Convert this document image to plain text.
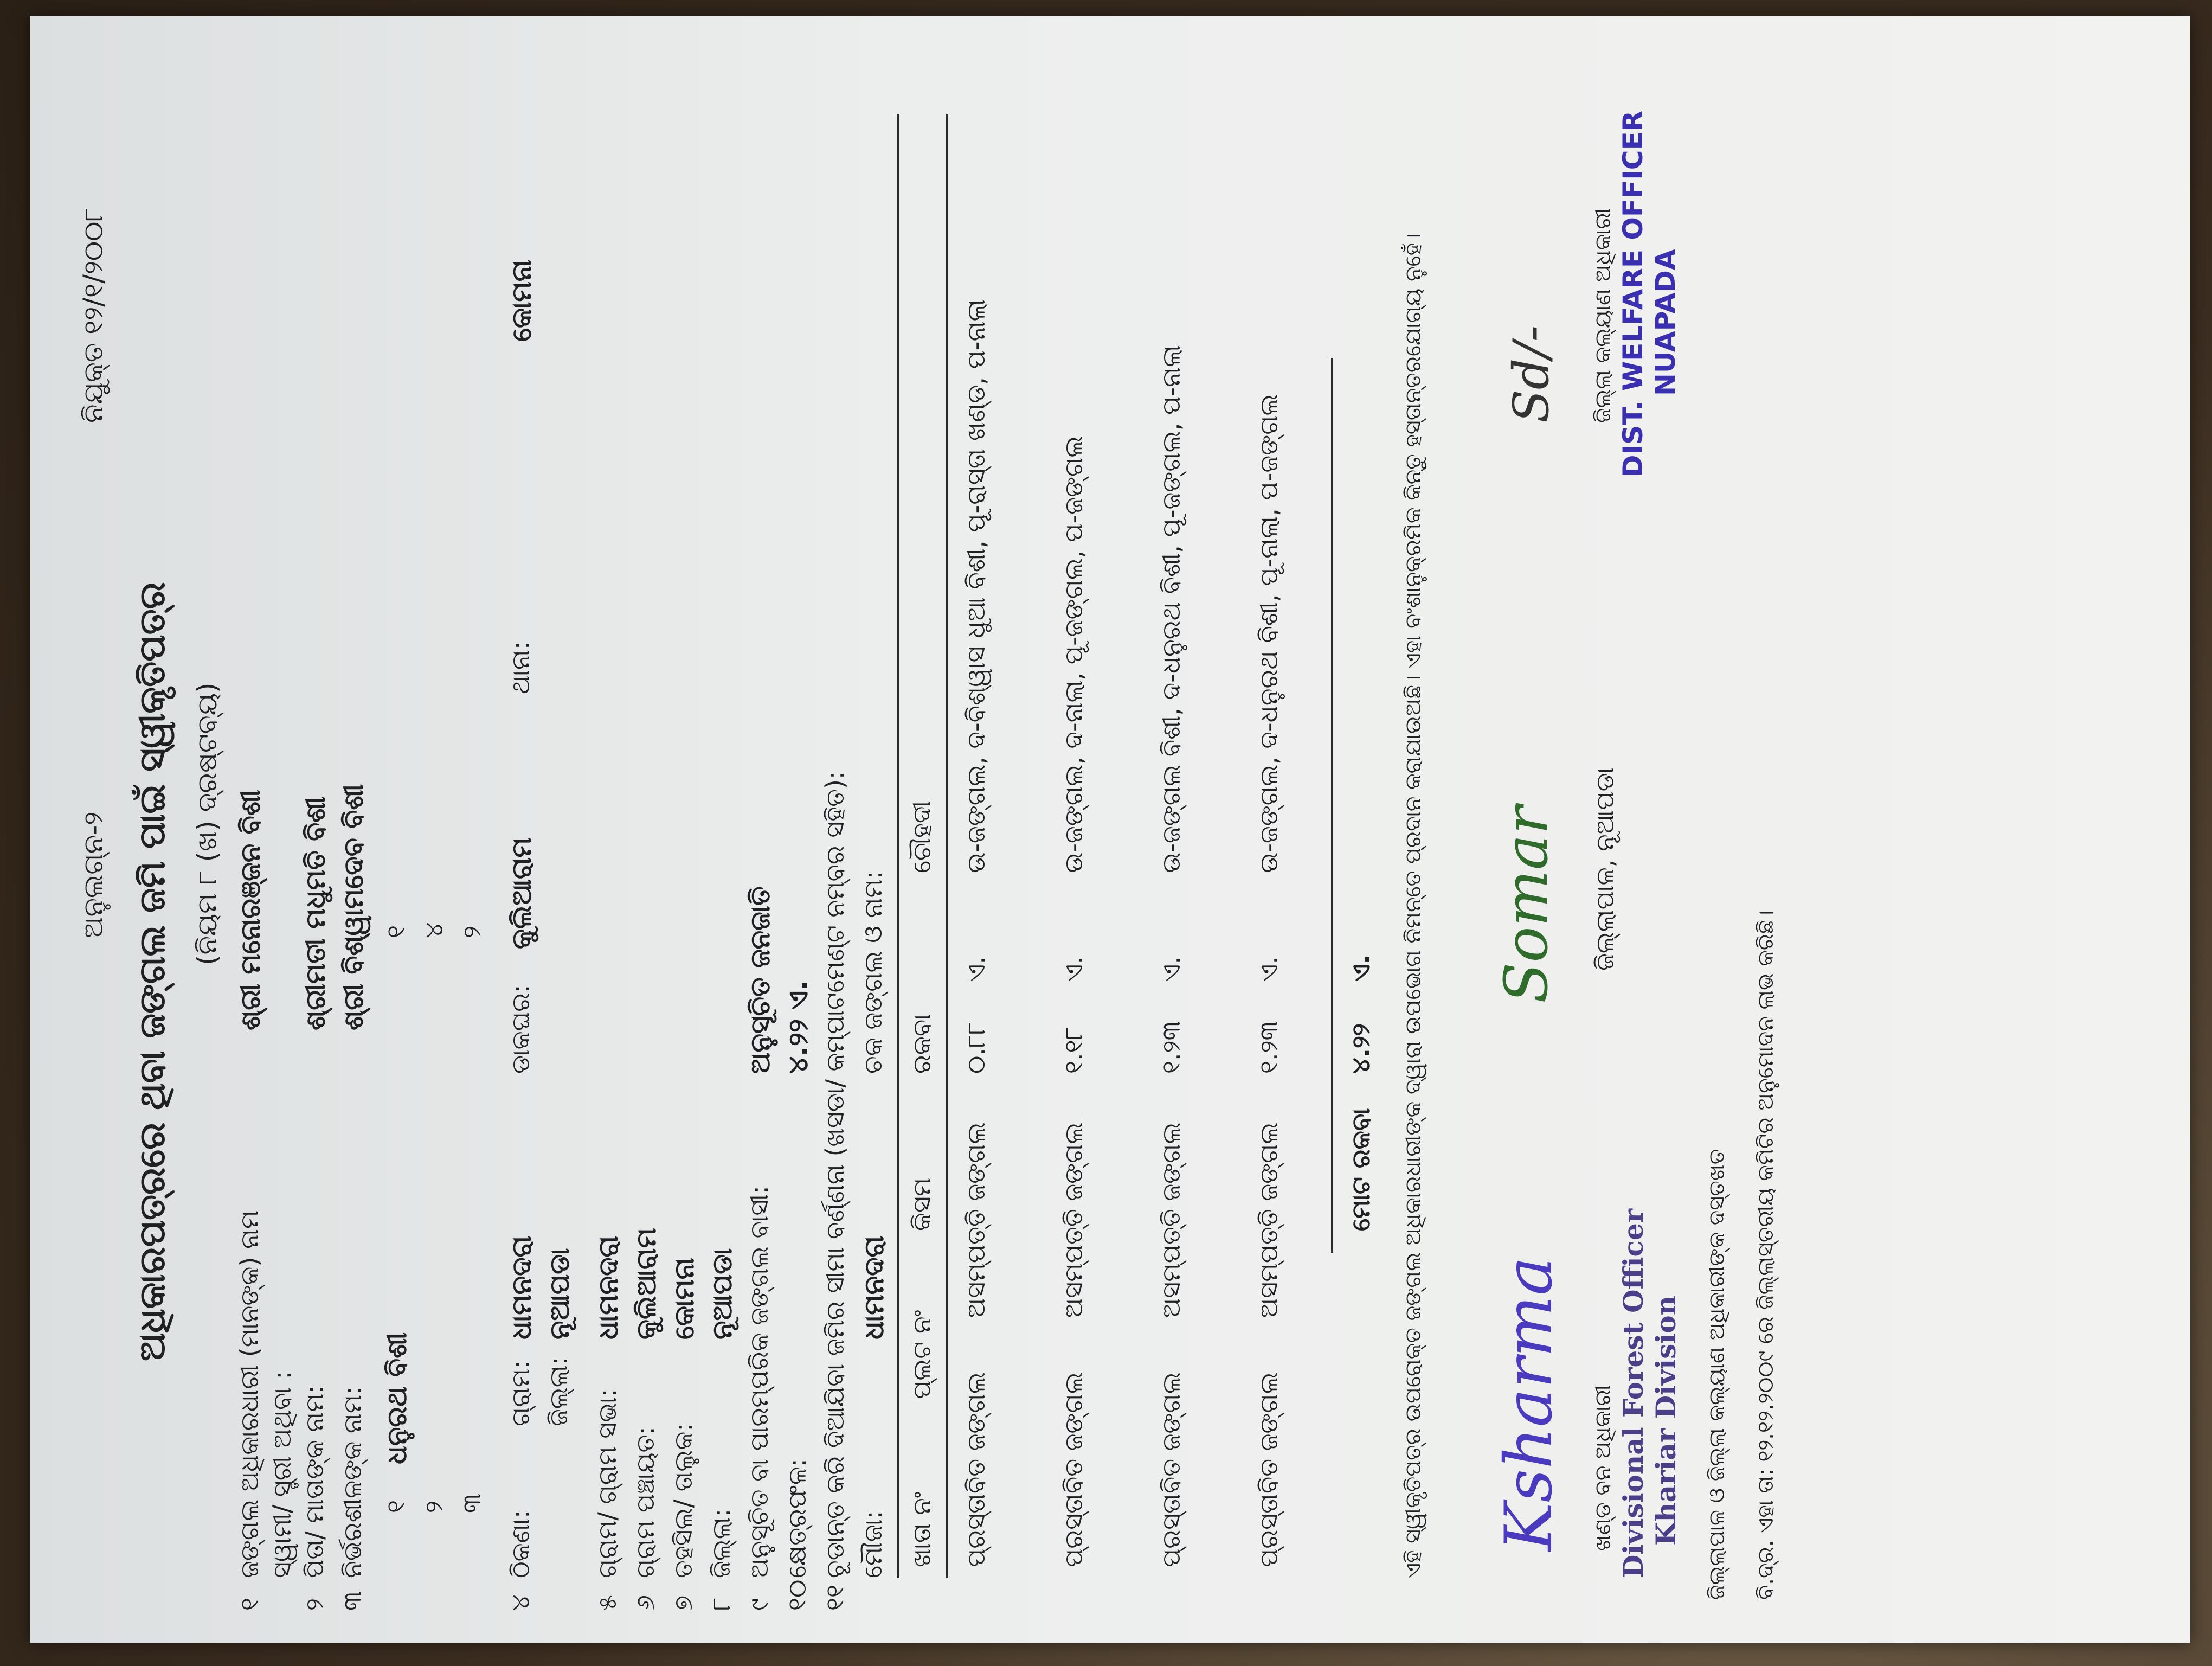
ଅନୁଲଗ୍ନ-୨
ନିଯୁକ୍ତ ୧୨/୧/୨୦୦୮
ଅଧିକାରପତ୍ରରେ ଥିବା ଜଙ୍ଗଲ ଜମି ପାଇଁ ସ୍ୱୀକୃତିପତ୍ର (ନିୟମ ୮ (ଖ) ଦ୍ରଷ୍ଟବ୍ୟ)
୧
ଜଙ୍ଗଲ ଅଧିକାରଧାରୀ (ମାନଙ୍କ) ନାମ
ଶ୍ରୀ ମନୋରଞ୍ଜନ ବିଶୀ
ସ୍ୱାମୀ/ ସ୍ତ୍ରୀ ଅଥିବା :
୨
ପିତା/ ମାତାଙ୍କ ନାମ:
ଶ୍ରୀମତୀ ମଧୁମତି ବିଶୀ
୩
ନିର୍ଭରଶୀଳଙ୍କ ନାମ:
ଶ୍ରୀ ବିଶ୍ୱାମଦେବ ବିଶୀ
୧
ଧନୁରଥ ବିଶୀ
୧
୨
୪
୩
୨
୪
ଠିକଣା:
ଗ୍ରାମ:
ଧାମନଦରା
ଡାକଘର:
କୁଲିଆରାମ
ଥାନା:
କୋମନା
ଜିଲ୍ଲା:
ନୂଆପଡା
୫
ଗ୍ରାମ/ ଗ୍ରାମ ସଭା:
ଧାମନଦରା
୬
ଗ୍ରାମ ପଞ୍ଚାୟତ:
କୁଲିଆରାମ
୭
ତହସିଲ/ ତାଲୁକ:
କୋମନା
୮
ଜିଲ୍ଲା:
ନୂଆପଡା
୯
ଅନୁସୂଚିତ ବା ପାରମ୍ପରିକ ଜଙ୍ଗଲ ବାସୀ:
ଅନୁସୂଚିତ ଜନଜାତି
୧୦
କ୍ଷେତ୍ରଫଳ:
୪.୨୨ ଏ.
୧୧
ଚୂଡାନ୍ତ କରି ଦିଆଯିବା ଜମିର ସୀମା ବର୍ଣ୍ଣନା (ଖସଡା/ କମ୍ପାଟମେଣ୍ଟ ନମ୍ବର ସହିତ): ମୌଜା:
ଧାମନଦରା
ଚକ ଜଙ୍ଗଲ ଓ ନାମ:
ଖାତା ନଂ
ପ୍ଲଟ ନଂ
କିସମ
ରକବା
ଚୌହଦୀ
ପ୍ରସ୍ତାବିତ ଜଙ୍ଗଲ
ଅସମ୍ପତ୍ତି ଜଙ୍ଗଲ
୦.୮୮
ଏ.
ଉ-ଜଙ୍ଗଲ, ଦ-ବିଶ୍ୱାସ ଧୁଆ ବିଶୀ, ପୂ-ରାସ୍ତା ଖଣ୍ଡ, ପ-ନାଲା
ପ୍ରସ୍ତାବିତ ଜଙ୍ଗଲ
ଅସମ୍ପତ୍ତି ଜଙ୍ଗଲ
୧.୧୮
ଏ.
ଉ-ଜଙ୍ଗଲ, ଦ-ନାଲା, ପୂ-ଜଙ୍ଗଲ, ପ-ଜଙ୍ଗଲ
ପ୍ରସ୍ତାବିତ ଜଙ୍ଗଲ
ଅସମ୍ପତ୍ତି ଜଙ୍ଗଲ
୧.୨୩
ଏ.
ଉ-ଜଙ୍ଗଲ ବିଶୀ, ଦ-ଧନୁରଥ ବିଶୀ, ପୂ-ଜଙ୍ଗଲ, ପ-ନାଲା
ପ୍ରସ୍ତାବିତ ଜଙ୍ଗଲ
ଅସମ୍ପତ୍ତି ଜଙ୍ଗଲ
୧.୨୩
ଏ.
ଉ-ଜଙ୍ଗଲ, ଦ-ଧନୁରଥ ବିଶୀ, ପୂ-ନାଲା, ପ-ଜଙ୍ଗଲ
ମୋଟ ରକବା
୪.୨୨
ଏ. ଏହି ସ୍ୱୀକୃତିପତ୍ର ଉପରୋକ୍ତ ଜଙ୍ଗଲ ଅଧିକାରଧାରୀଙ୍କ ଦ୍ୱାରା ଉପଭୋଗ ନିମନ୍ତେ ପ୍ରଦାନ କରାଯାଉଅଛି। ଏହା ବଂଶାନୁକ୍ରମିକ କିନ୍ତୁ ହସ୍ତାନ୍ତରଯୋଗ୍ୟ ନୁହେଁ। Ksharma
Somar
Sd/-
ଖଣ୍ଡ ବନ ଅଧିକାରୀ Divisional Forest Officer Khariar Division
ଜିଲ୍ଲାପାଳ, ନୂଆପଡା
ଜିଲ୍ଲା କଲ୍ୟାଣ ଅଧିକାରୀ DIST. WELFARE OFFICER NUAPADA
ଜିଲ୍ଲାପାଳ ଓ ଜିଲ୍ଲା କଲ୍ୟାଣ ଅଧିକାରୀଙ୍କ ଦସ୍ତଖତ ବି.ଦ୍ର. ଏହା ତା: ୧୨.୧୨.୨୦୦୯ ରେ ଜିଲ୍ଲାସ୍ତରୀୟ କମିଟିର ଅନୁମୋଦନ ଲାଭ କରିଛି।
